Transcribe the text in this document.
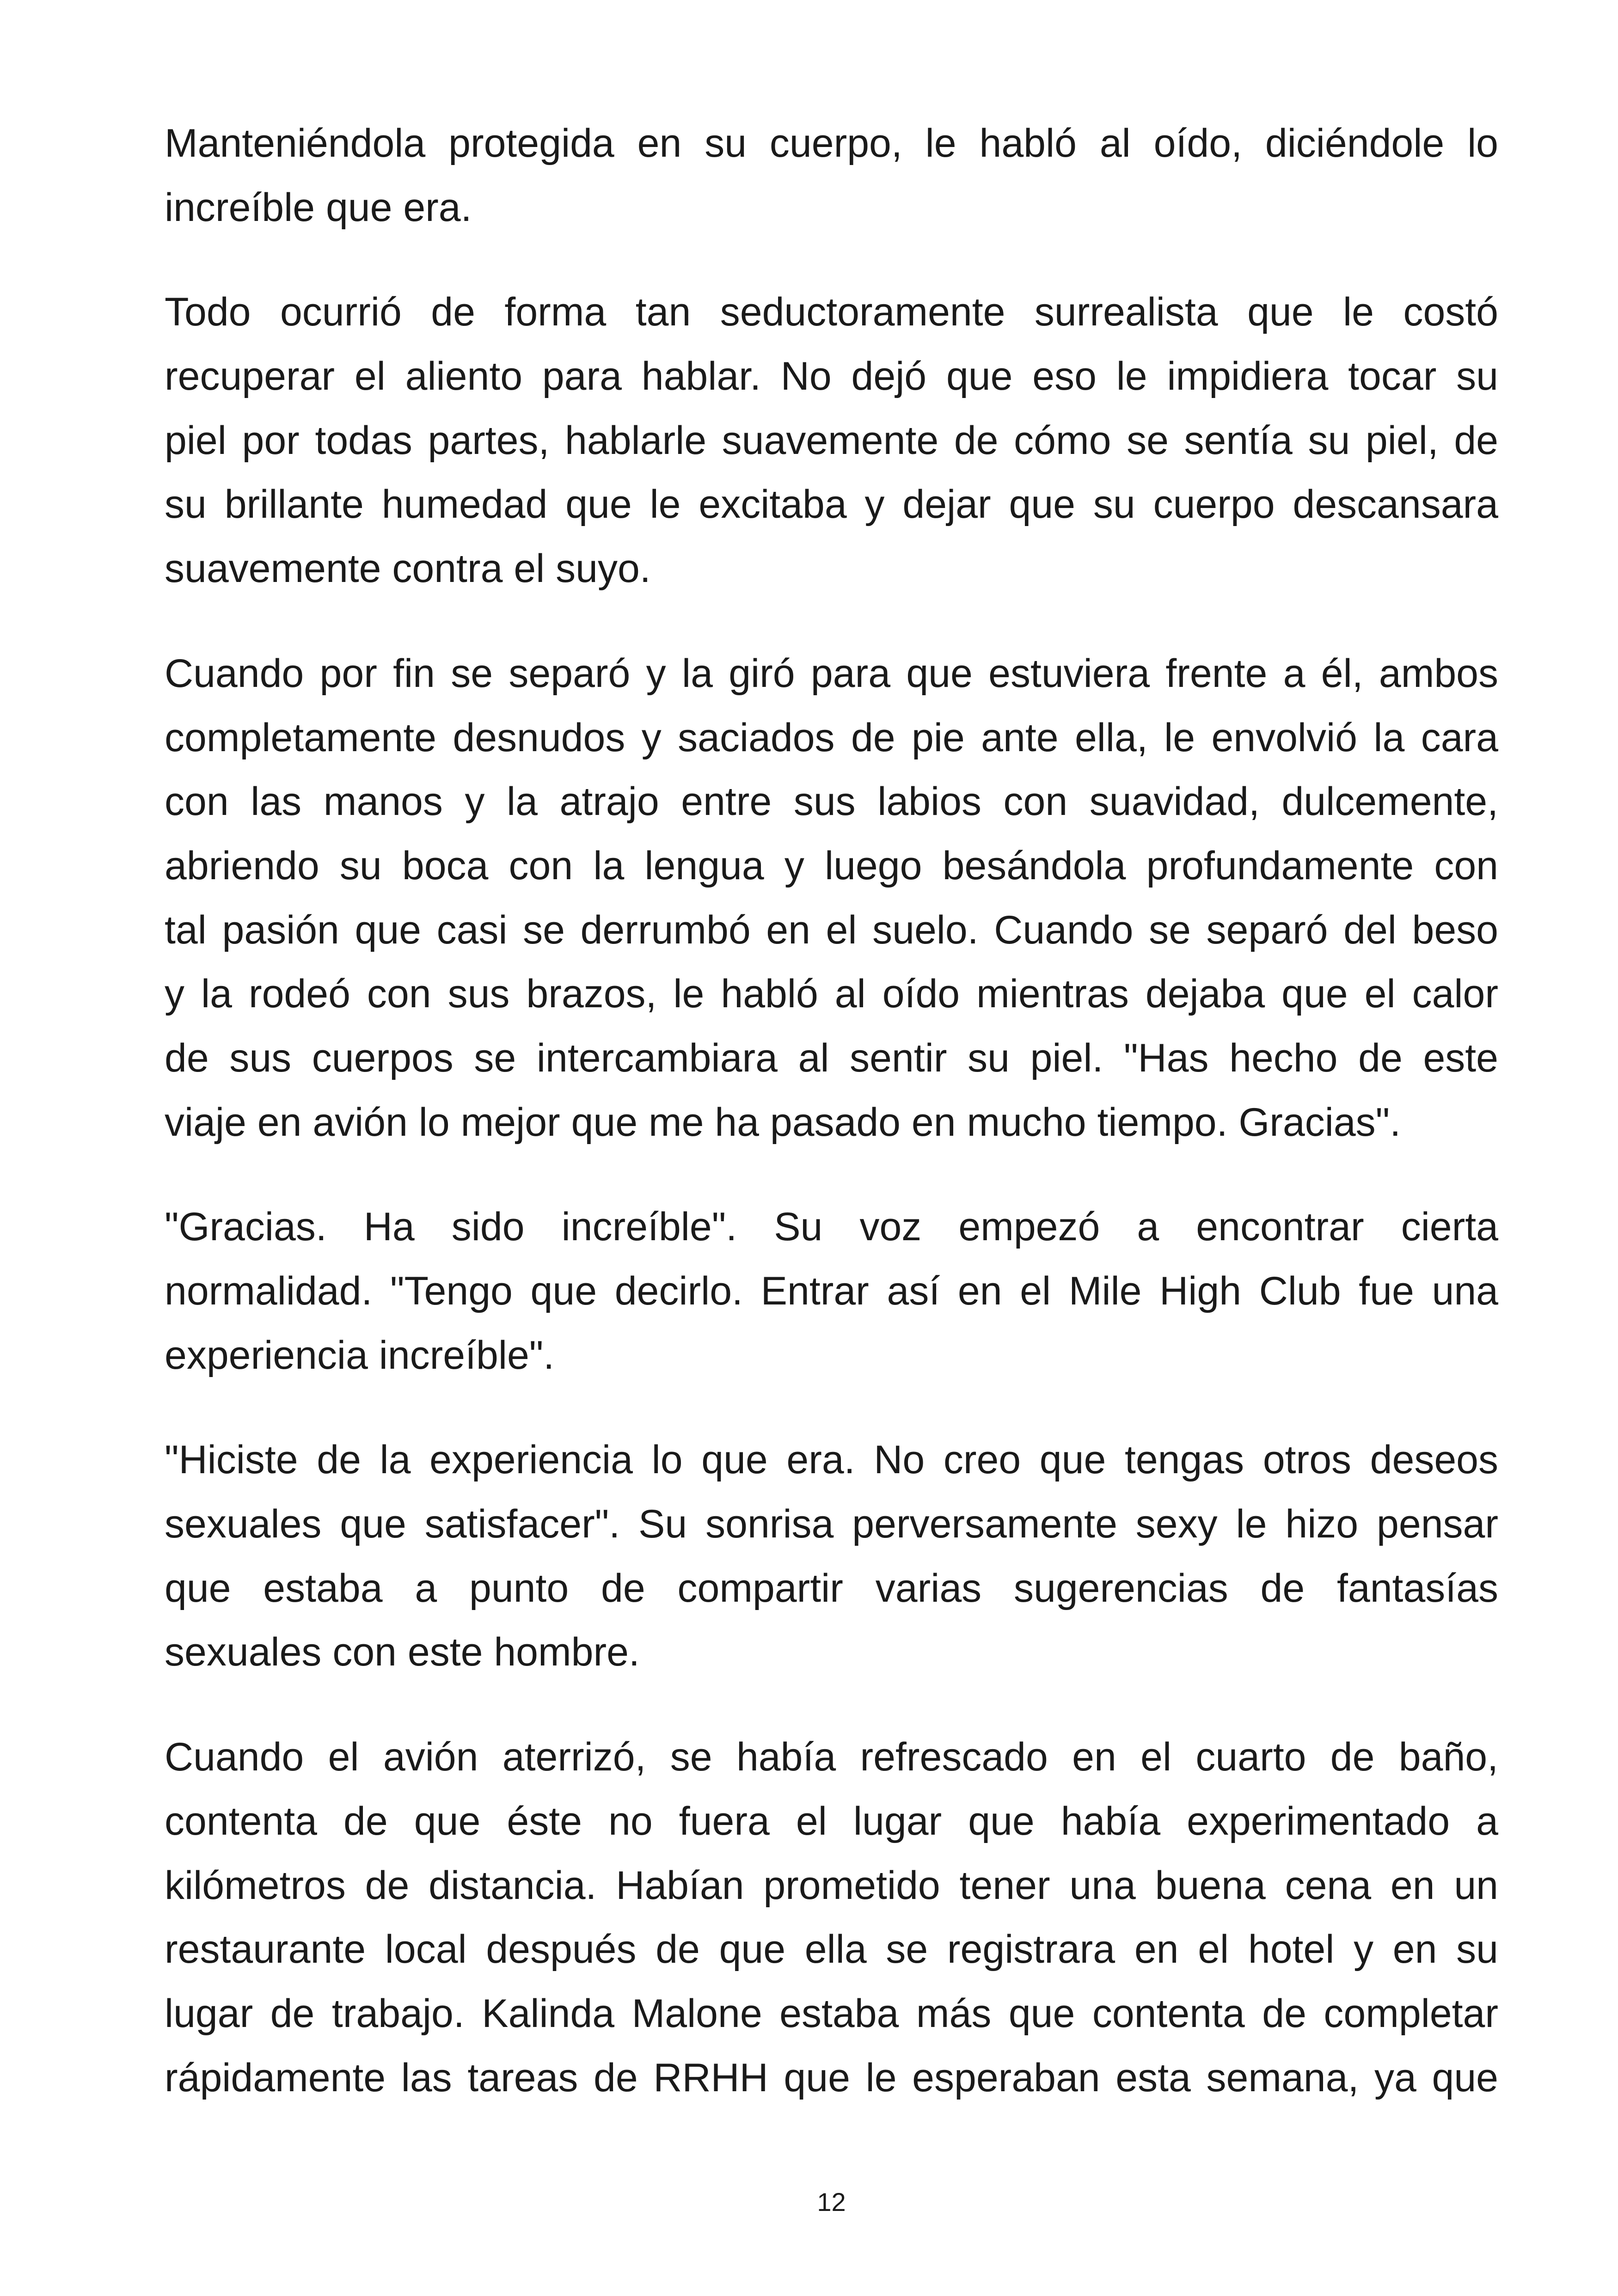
Manteniéndola protegida en su cuerpo, le habló al oído, diciéndole lo
increíble que era.
Todo ocurrió de forma tan seductoramente surrealista que le costó
recuperar el aliento para hablar. No dejó que eso le impidiera tocar su
piel por todas partes, hablarle suavemente de cómo se sentía su piel, de
su brillante humedad que le excitaba y dejar que su cuerpo descansara
suavemente contra el suyo.
Cuando por fin se separó y la giró para que estuviera frente a él, ambos
completamente desnudos y saciados de pie ante ella, le envolvió la cara
con las manos y la atrajo entre sus labios con suavidad, dulcemente,
abriendo su boca con la lengua y luego besándola profundamente con
tal pasión que casi se derrumbó en el suelo. Cuando se separó del beso
y la rodeó con sus brazos, le habló al oído mientras dejaba que el calor
de sus cuerpos se intercambiara al sentir su piel. "Has hecho de este
viaje en avión lo mejor que me ha pasado en mucho tiempo. Gracias".
"Gracias. Ha sido increíble". Su voz empezó a encontrar cierta
normalidad. "Tengo que decirlo. Entrar así en el Mile High Club fue una
experiencia increíble".
"Hiciste de la experiencia lo que era. No creo que tengas otros deseos
sexuales que satisfacer". Su sonrisa perversamente sexy le hizo pensar
que estaba a punto de compartir varias sugerencias de fantasías
sexuales con este hombre.
Cuando el avión aterrizó, se había refrescado en el cuarto de baño,
contenta de que éste no fuera el lugar que había experimentado a
kilómetros de distancia. Habían prometido tener una buena cena en un
restaurante local después de que ella se registrara en el hotel y en su
lugar de trabajo. Kalinda Malone estaba más que contenta de completar
rápidamente las tareas de RRHH que le esperaban esta semana, ya que
12
